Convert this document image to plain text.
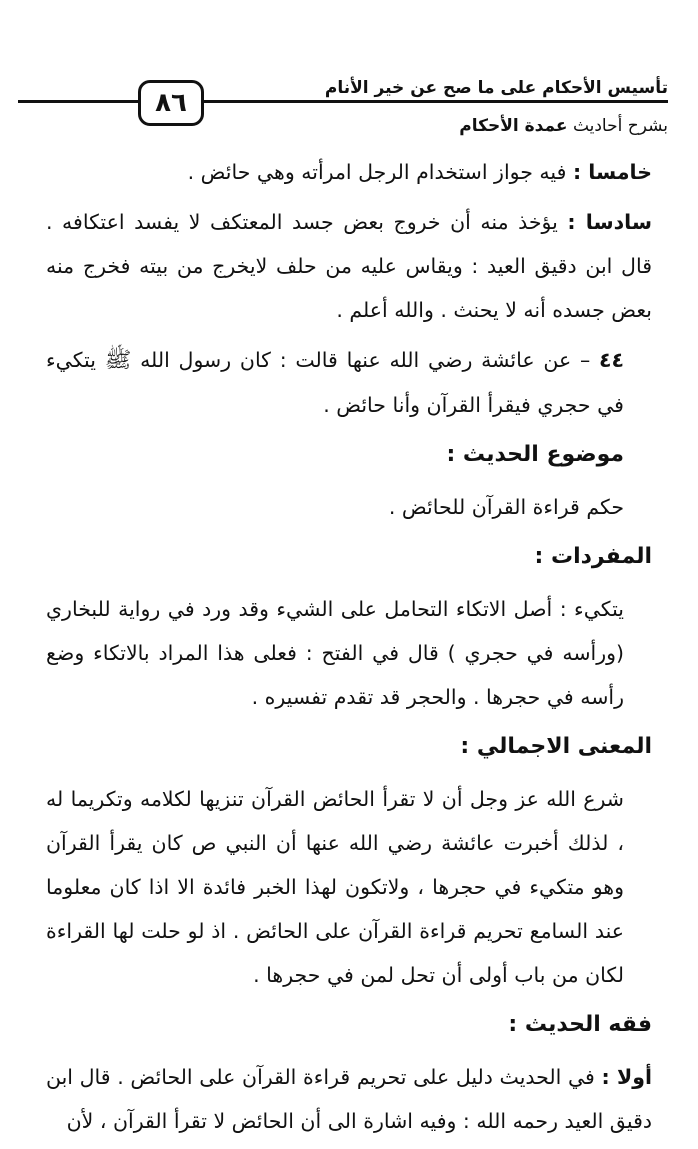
٨٦	تأسيس الأحكام على ما صح عن خير الأنام
بشرح أحاديث عمدة الأحكام

خامسا : فيه جواز استخدام الرجل امرأته وهي حائض .

سادسا : يؤخذ منه أن خروج بعض جسد المعتكف لا يفسد اعتكافه . قال ابن دقيق العيد : ويقاس عليه من حلف لايخرج من بيته فخرج منه بعض جسده أنه لا يحنث . والله أعلم .

٤٤ – عن عائشة رضي الله عنها قالت : كان رسول الله ﷺ يتكيء في حجري فيقرأ القرآن وأنا حائض .

موضوع الحديث :

حكم قراءة القرآن للحائض .

المفردات :

يتكيء : أصل الاتكاء التحامل على الشيء وقد ورد في رواية للبخاري (ورأسه في حجري ) قال في الفتح : فعلى هذا المراد بالاتكاء وضع رأسه في حجرها . والحجر قد تقدم تفسيره .

المعنى الاجمالي :

شرع الله عز وجل أن لا تقرأ الحائض القرآن تنزيها لكلامه وتكريما له ، لذلك أخبرت عائشة رضي الله عنها أن النبي ص كان يقرأ القرآن وهو متكيء في حجرها ، ولاتكون لهذا الخبر فائدة الا اذا كان معلوما عند السامع تحريم قراءة القرآن على الحائض . اذ لو حلت لها القراءة لكان من باب أولى أن تحل لمن في حجرها .

فقه الحديث :

أولا : في الحديث دليل على تحريم قراءة القرآن على الحائض . قال ابن دقيق العيد رحمه الله : وفيه اشارة الى أن الحائض لا تقرأ القرآن ، لأن
